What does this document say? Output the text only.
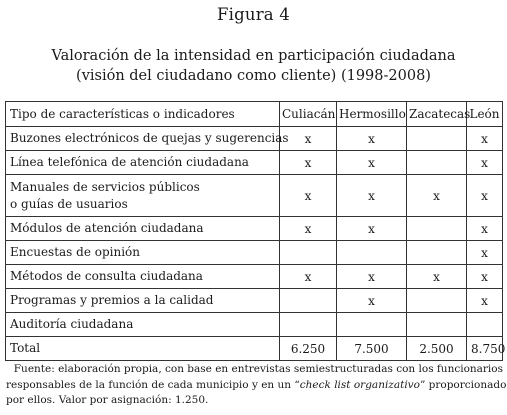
Figura 4
Valoración de la intensidad en participación ciudadana
(visión del ciudadano como cliente) (1998-2008)
Tipo de características o indicadores	Culiacán	Hermosillo	Zacatecas	León
Buzones electrónicos de quejas y sugerencias	x	x		x
Línea telefónica de atención ciudadana	x	x		x

Manuales de servicios públicos
o guías de usuarios	x	x	x	x
Módulos de atención ciudadana	x	x		x
Encuestas de opinión				x
Métodos de consulta ciudadana	x	x	x	x
Programas y premios a la calidad		x		x
Auditoría ciudadana				
Total	6.250	7.500	2.500	8.750
Fuente: elaboración propia, con base en entrevistas semiestructuradas con los funcionarios
responsables de la función de cada municipio y en un “check list organizativo” proporcionado
por ellos. Valor por asignación: 1.250.
